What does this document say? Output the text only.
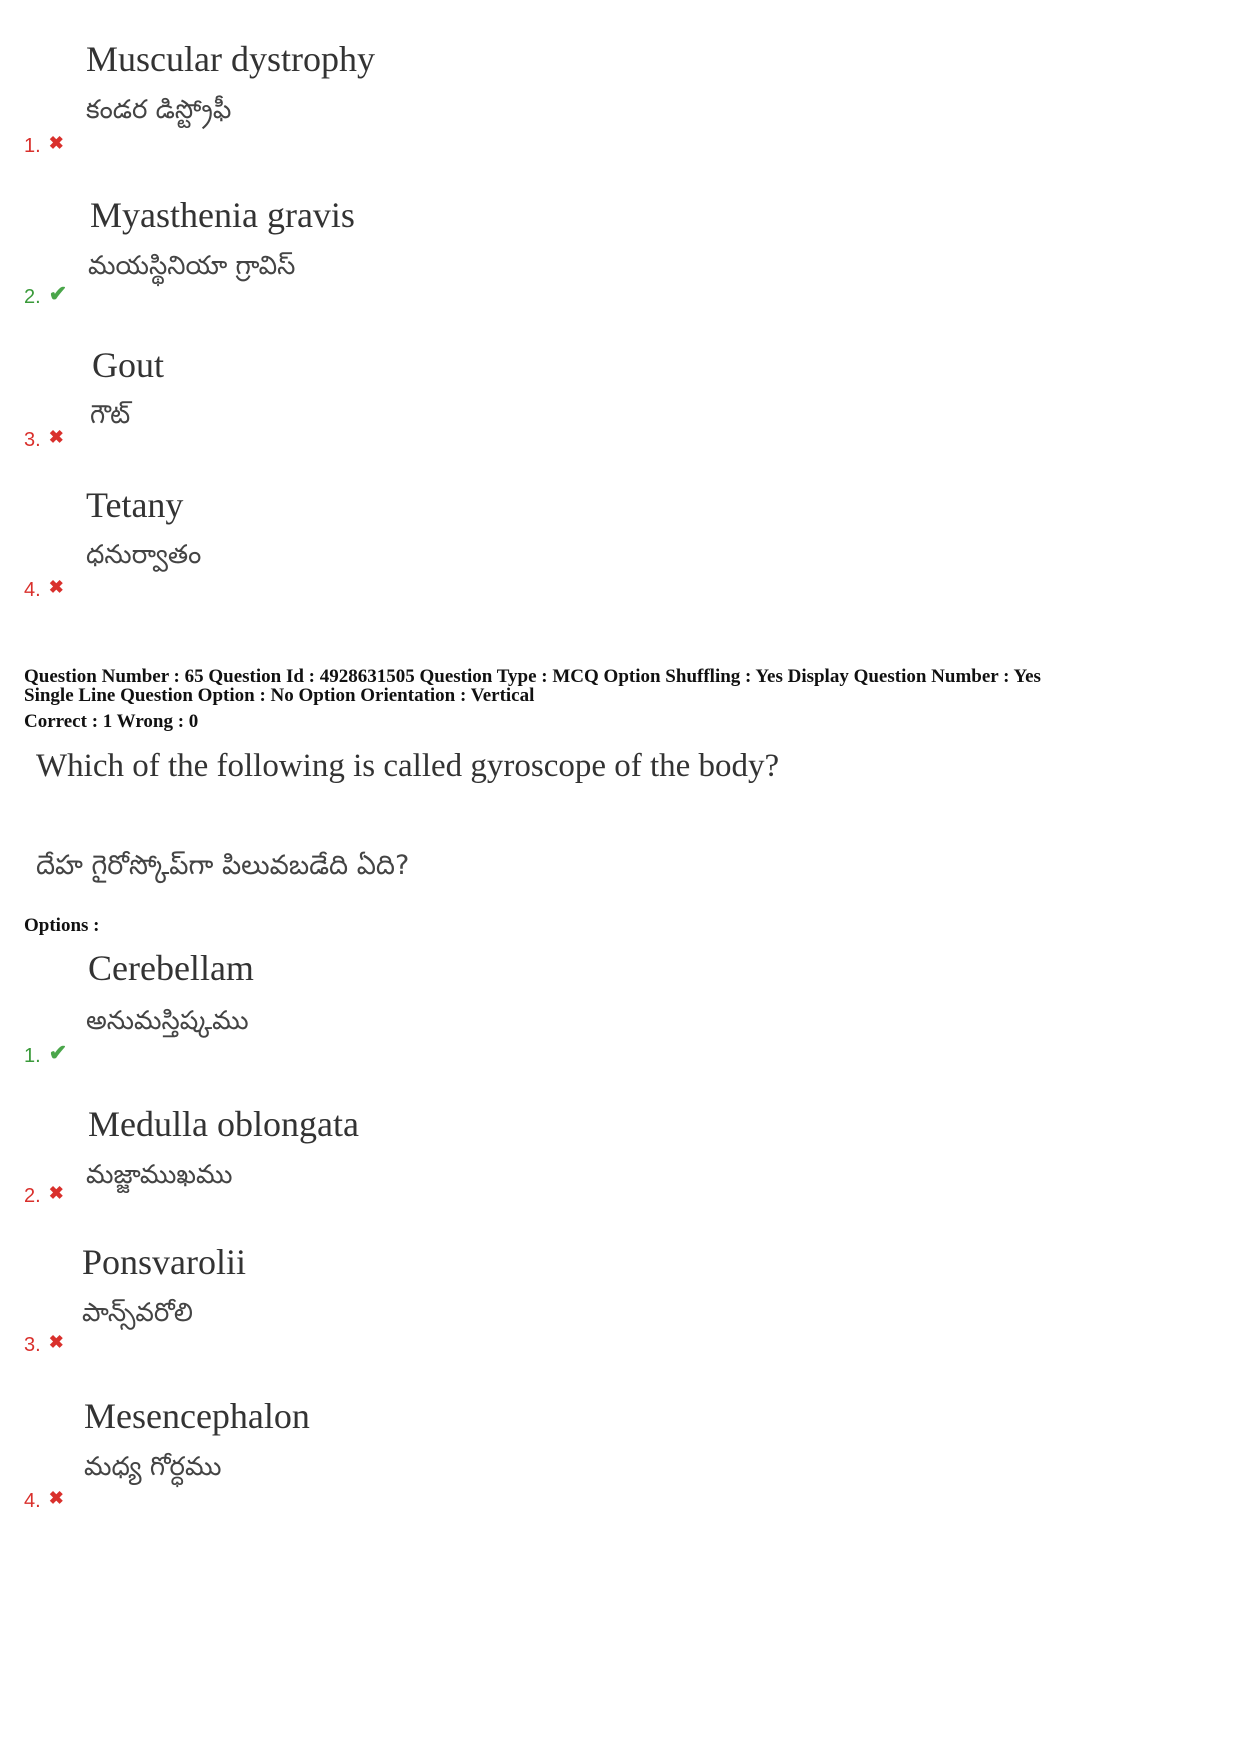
Muscular dystrophy
కండర డిస్ట్రోఫీ
1. ✖
Myasthenia gravis
మయస్థినియా గ్రావిస్
2. ✔
Gout
గౌట్
3. ✖
Tetany
ధనుర్వాతం
4. ✖
Question Number : 65 Question Id : 4928631505 Question Type : MCQ Option Shuffling : Yes Display Question Number : Yes
Single Line Question Option : No Option Orientation : Vertical
Correct : 1 Wrong : 0
Which of the following is called gyroscope of the body?
దేహ గైరోస్కోప్‌గా పిలువబడేది ఏది?
Options :
Cerebellam
అనుమస్తిష్కము
1. ✔
Medulla oblongata
మజ్జాముఖము
2. ✖
Ponsvarolii
పాన్స్‌వరోలి
3. ✖
Mesencephalon
మధ్య గోర్ధము
4. ✖
